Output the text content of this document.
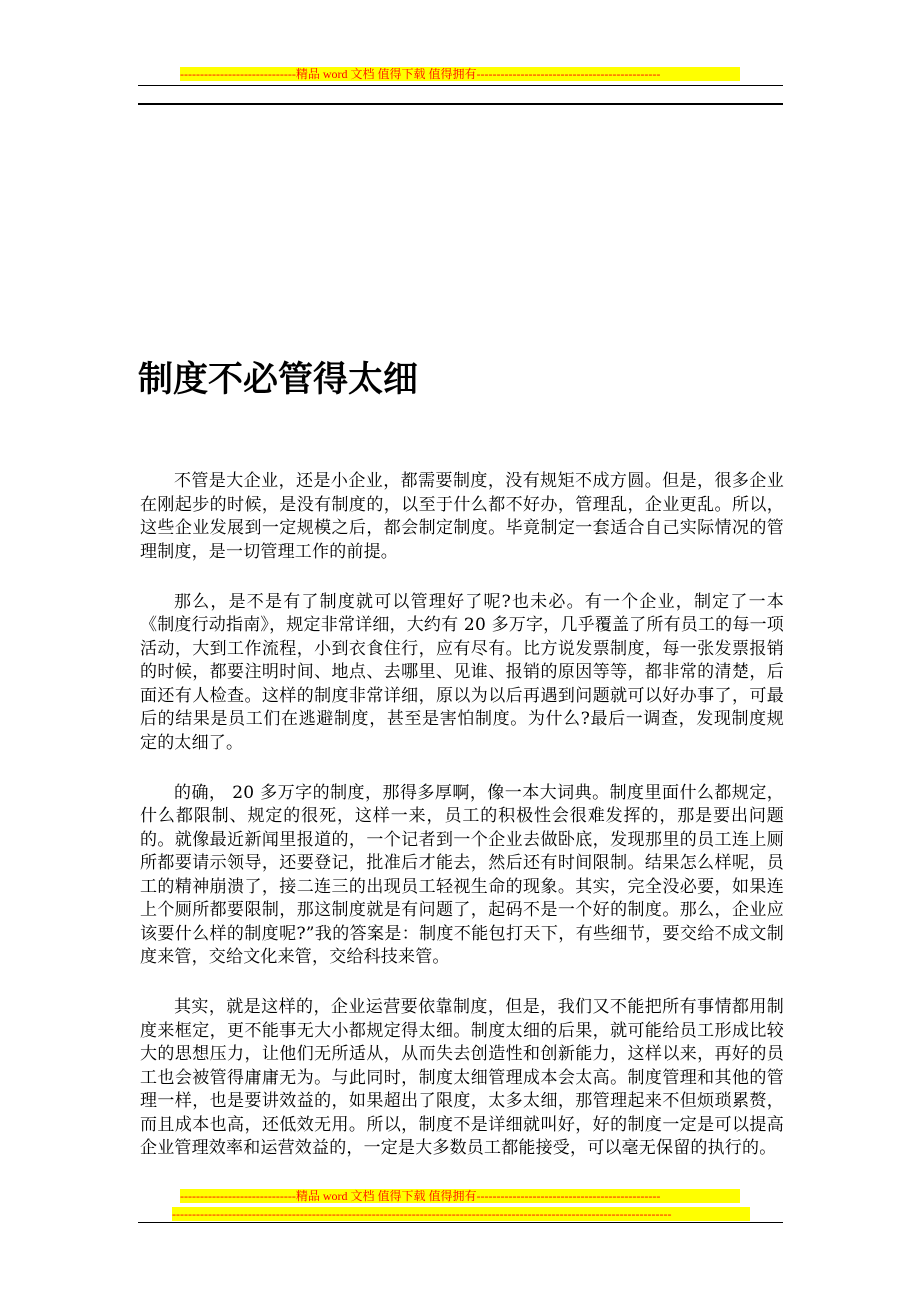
-----------------------------精品 word 文档 值得下载 值得拥有----------------------------------------------
制度不必管得太细

不管是大企业，还是小企业，都需要制度，没有规矩不成方圆。但是，很多企业在刚起步的时候，是没有制度的，以至于什么都不好办，管理乱，企业更乱。所以，这些企业发展到一定规模之后，都会制定制度。毕竟制定一套适合自己实际情况的管理制度，是一切管理工作的前提。

那么，是不是有了制度就可以管理好了呢?也未必。有一个企业，制定了一本《制度行动指南》，规定非常详细，大约有 20 多万字，几乎覆盖了所有员工的每一项活动，大到工作流程，小到衣食住行，应有尽有。比方说发票制度，每一张发票报销的时候，都要注明时间、地点、去哪里、见谁、报销的原因等等，都非常的清楚，后面还有人检查。这样的制度非常详细，原以为以后再遇到问题就可以好办事了，可最后的结果是员工们在逃避制度，甚至是害怕制度。为什么?最后一调查，发现制度规定的太细了。

的确， 20 多万字的制度，那得多厚啊，像一本大词典。制度里面什么都规定，什么都限制、规定的很死，这样一来，员工的积极性会很难发挥的，那是要出问题的。就像最近新闻里报道的，一个记者到一个企业去做卧底，发现那里的员工连上厕所都要请示领导，还要登记，批准后才能去，然后还有时间限制。结果怎么样呢，员工的精神崩溃了，接二连三的出现员工轻视生命的现象。其实，完全没必要，如果连上个厕所都要限制，那这制度就是有问题了，起码不是一个好的制度。那么，企业应该要什么样的制度呢?”我的答案是：制度不能包打天下，有些细节，要交给不成文制度来管，交给文化来管，交给科技来管。

其实，就是这样的，企业运营要依靠制度，但是，我们又不能把所有事情都用制度来框定，更不能事无大小都规定得太细。制度太细的后果，就可能给员工形成比较大的思想压力，让他们无所适从，从而失去创造性和创新能力，这样以来，再好的员工也会被管得庸庸无为。与此同时，制度太细管理成本会太高。制度管理和其他的管理一样，也是要讲效益的，如果超出了限度，太多太细，那管理起来不但烦琐累赘，而且成本也高，还低效无用。所以，制度不是详细就叫好，好的制度一定是可以提高企业管理效率和运营效益的，一定是大多数员工都能接受，可以毫无保留的执行的。

-----------------------------精品 word 文档 值得下载 值得拥有----------------------------------------------
-----------------------------------------------------------------------------------------------------------------------------
